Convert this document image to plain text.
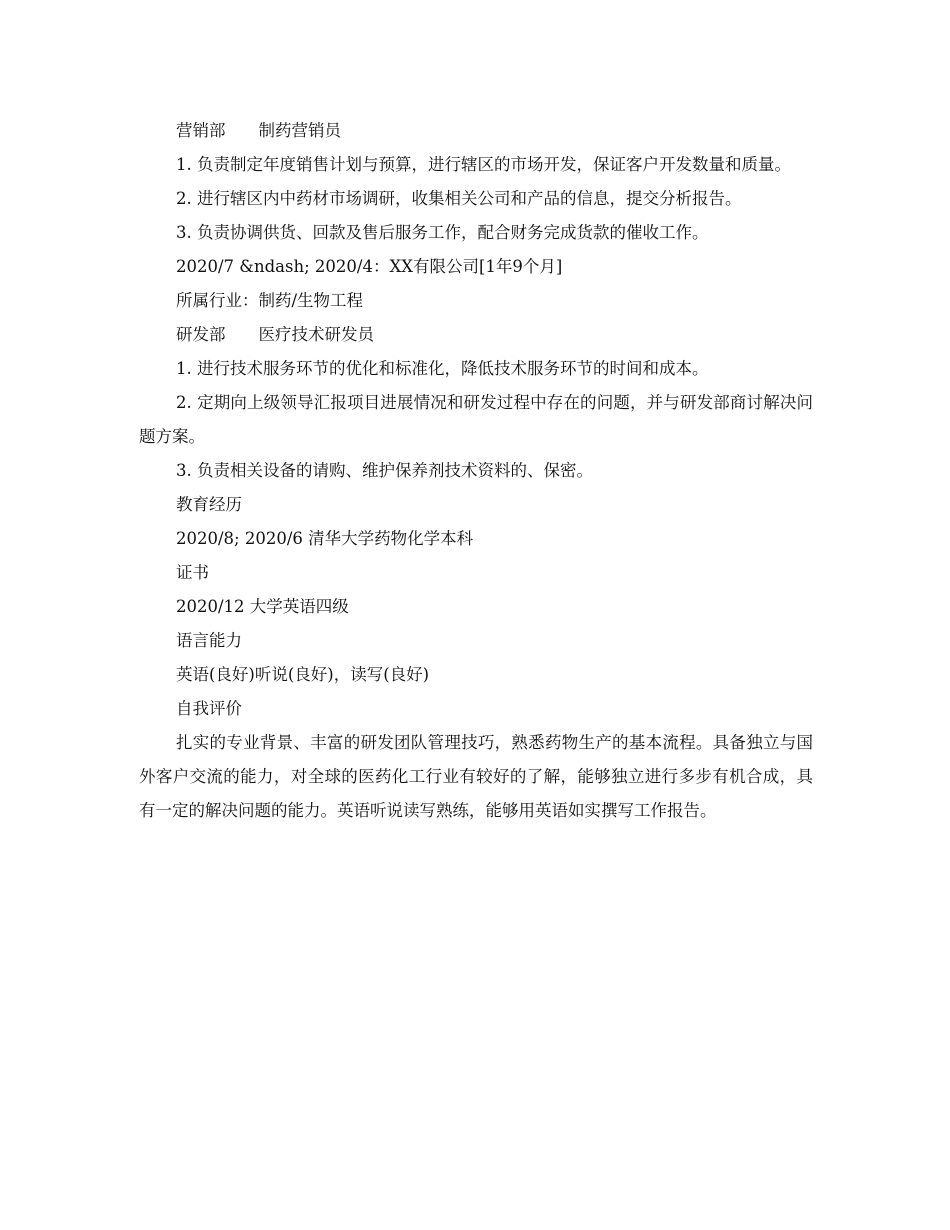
营销部　　制药营销员

1. 负责制定年度销售计划与预算，进行辖区的市场开发，保证客户开发数量和质量。

2. 进行辖区内中药材市场调研，收集相关公司和产品的信息，提交分析报告。

3. 负责协调供货、回款及售后服务工作，配合财务完成货款的催收工作。

2020/7 &ndash; 2020/4：XX有限公司[1年9个月]

所属行业：制药/生物工程

研发部　　医疗技术研发员

1. 进行技术服务环节的优化和标准化，降低技术服务环节的时间和成本。

2. 定期向上级领导汇报项目进展情况和研发过程中存在的问题，并与研发部商讨解决问题方案。

3. 负责相关设备的请购、维护保养剂技术资料的、保密。

教育经历

2020/8; 2020/6 清华大学药物化学本科

证书

2020/12 大学英语四级

语言能力

英语(良好)听说(良好)，读写(良好)

自我评价

扎实的专业背景、丰富的研发团队管理技巧，熟悉药物生产的基本流程。具备独立与国外客户交流的能力，对全球的医药化工行业有较好的了解，能够独立进行多步有机合成，具有一定的解决问题的能力。英语听说读写熟练，能够用英语如实撰写工作报告。
